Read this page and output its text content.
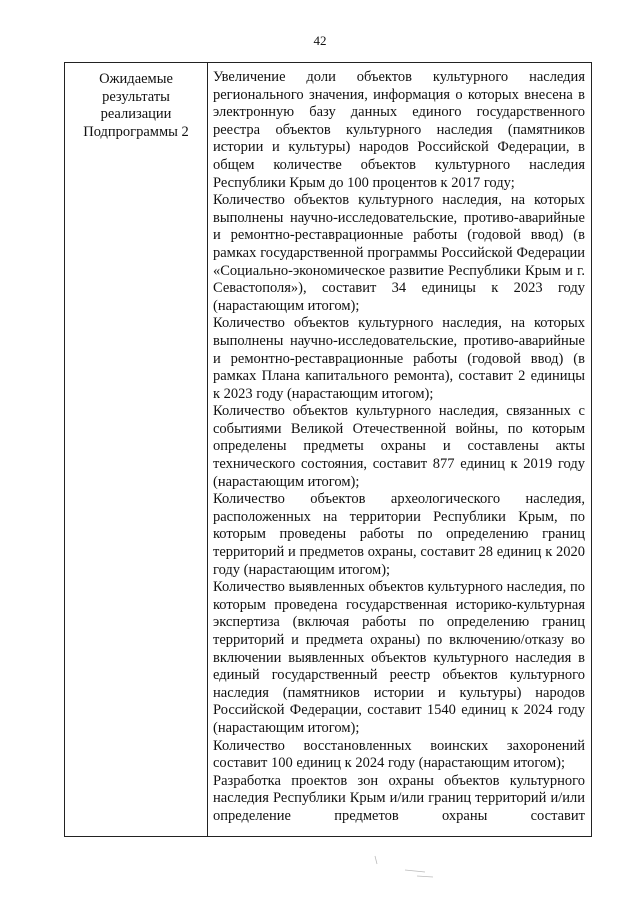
42
Ожидаемые результаты реализации Подпрограммы 2

Увеличение доли объектов культурного наследия регионального значения, информация о которых внесена в электронную базу данных единого государственного реестра объектов культурного наследия (памятников истории и культуры) народов Российской Федерации, в общем количестве объектов культурного наследия Республики Крым до 100 процентов к 2017 году;

Количество объектов культурного наследия, на которых выполнены научно-исследовательские, противо-аварийные и ремонтно-реставрационные работы (годовой ввод) (в рамках государственной программы Российской Федерации «Социально-экономическое развитие Республики Крым и г. Севастополя»), составит 34 единицы к 2023 году (нарастающим итогом);

Количество объектов культурного наследия, на которых выполнены научно-исследовательские, противо-аварийные и ремонтно-реставрационные работы (годовой ввод) (в рамках Плана капитального ремонта), составит 2 единицы к 2023 году (нарастающим итогом);

Количество объектов культурного наследия, связанных с событиями Великой Отечественной войны, по которым определены предметы охраны и составлены акты технического состояния, составит 877 единиц к 2019 году (нарастающим итогом);

Количество объектов археологического наследия, расположенных на территории Республики Крым, по которым проведены работы по определению границ территорий и предметов охраны, составит 28 единиц к 2020 году (нарастающим итогом);

Количество выявленных объектов культурного наследия, по которым проведена государственная историко-культурная экспертиза (включая работы по определению границ территорий и предмета охраны) по включению/отказу во включении выявленных объектов культурного наследия в единый государственный реестр объектов культурного наследия (памятников истории и культуры) народов Российской Федерации, составит 1540 единиц к 2024 году (нарастающим итогом);

Количество восстановленных воинских захоронений составит 100 единиц к 2024 году (нарастающим итогом);

Разработка проектов зон охраны объектов культурного наследия Республики Крым и/или границ территорий и/или определение предметов охраны составит
